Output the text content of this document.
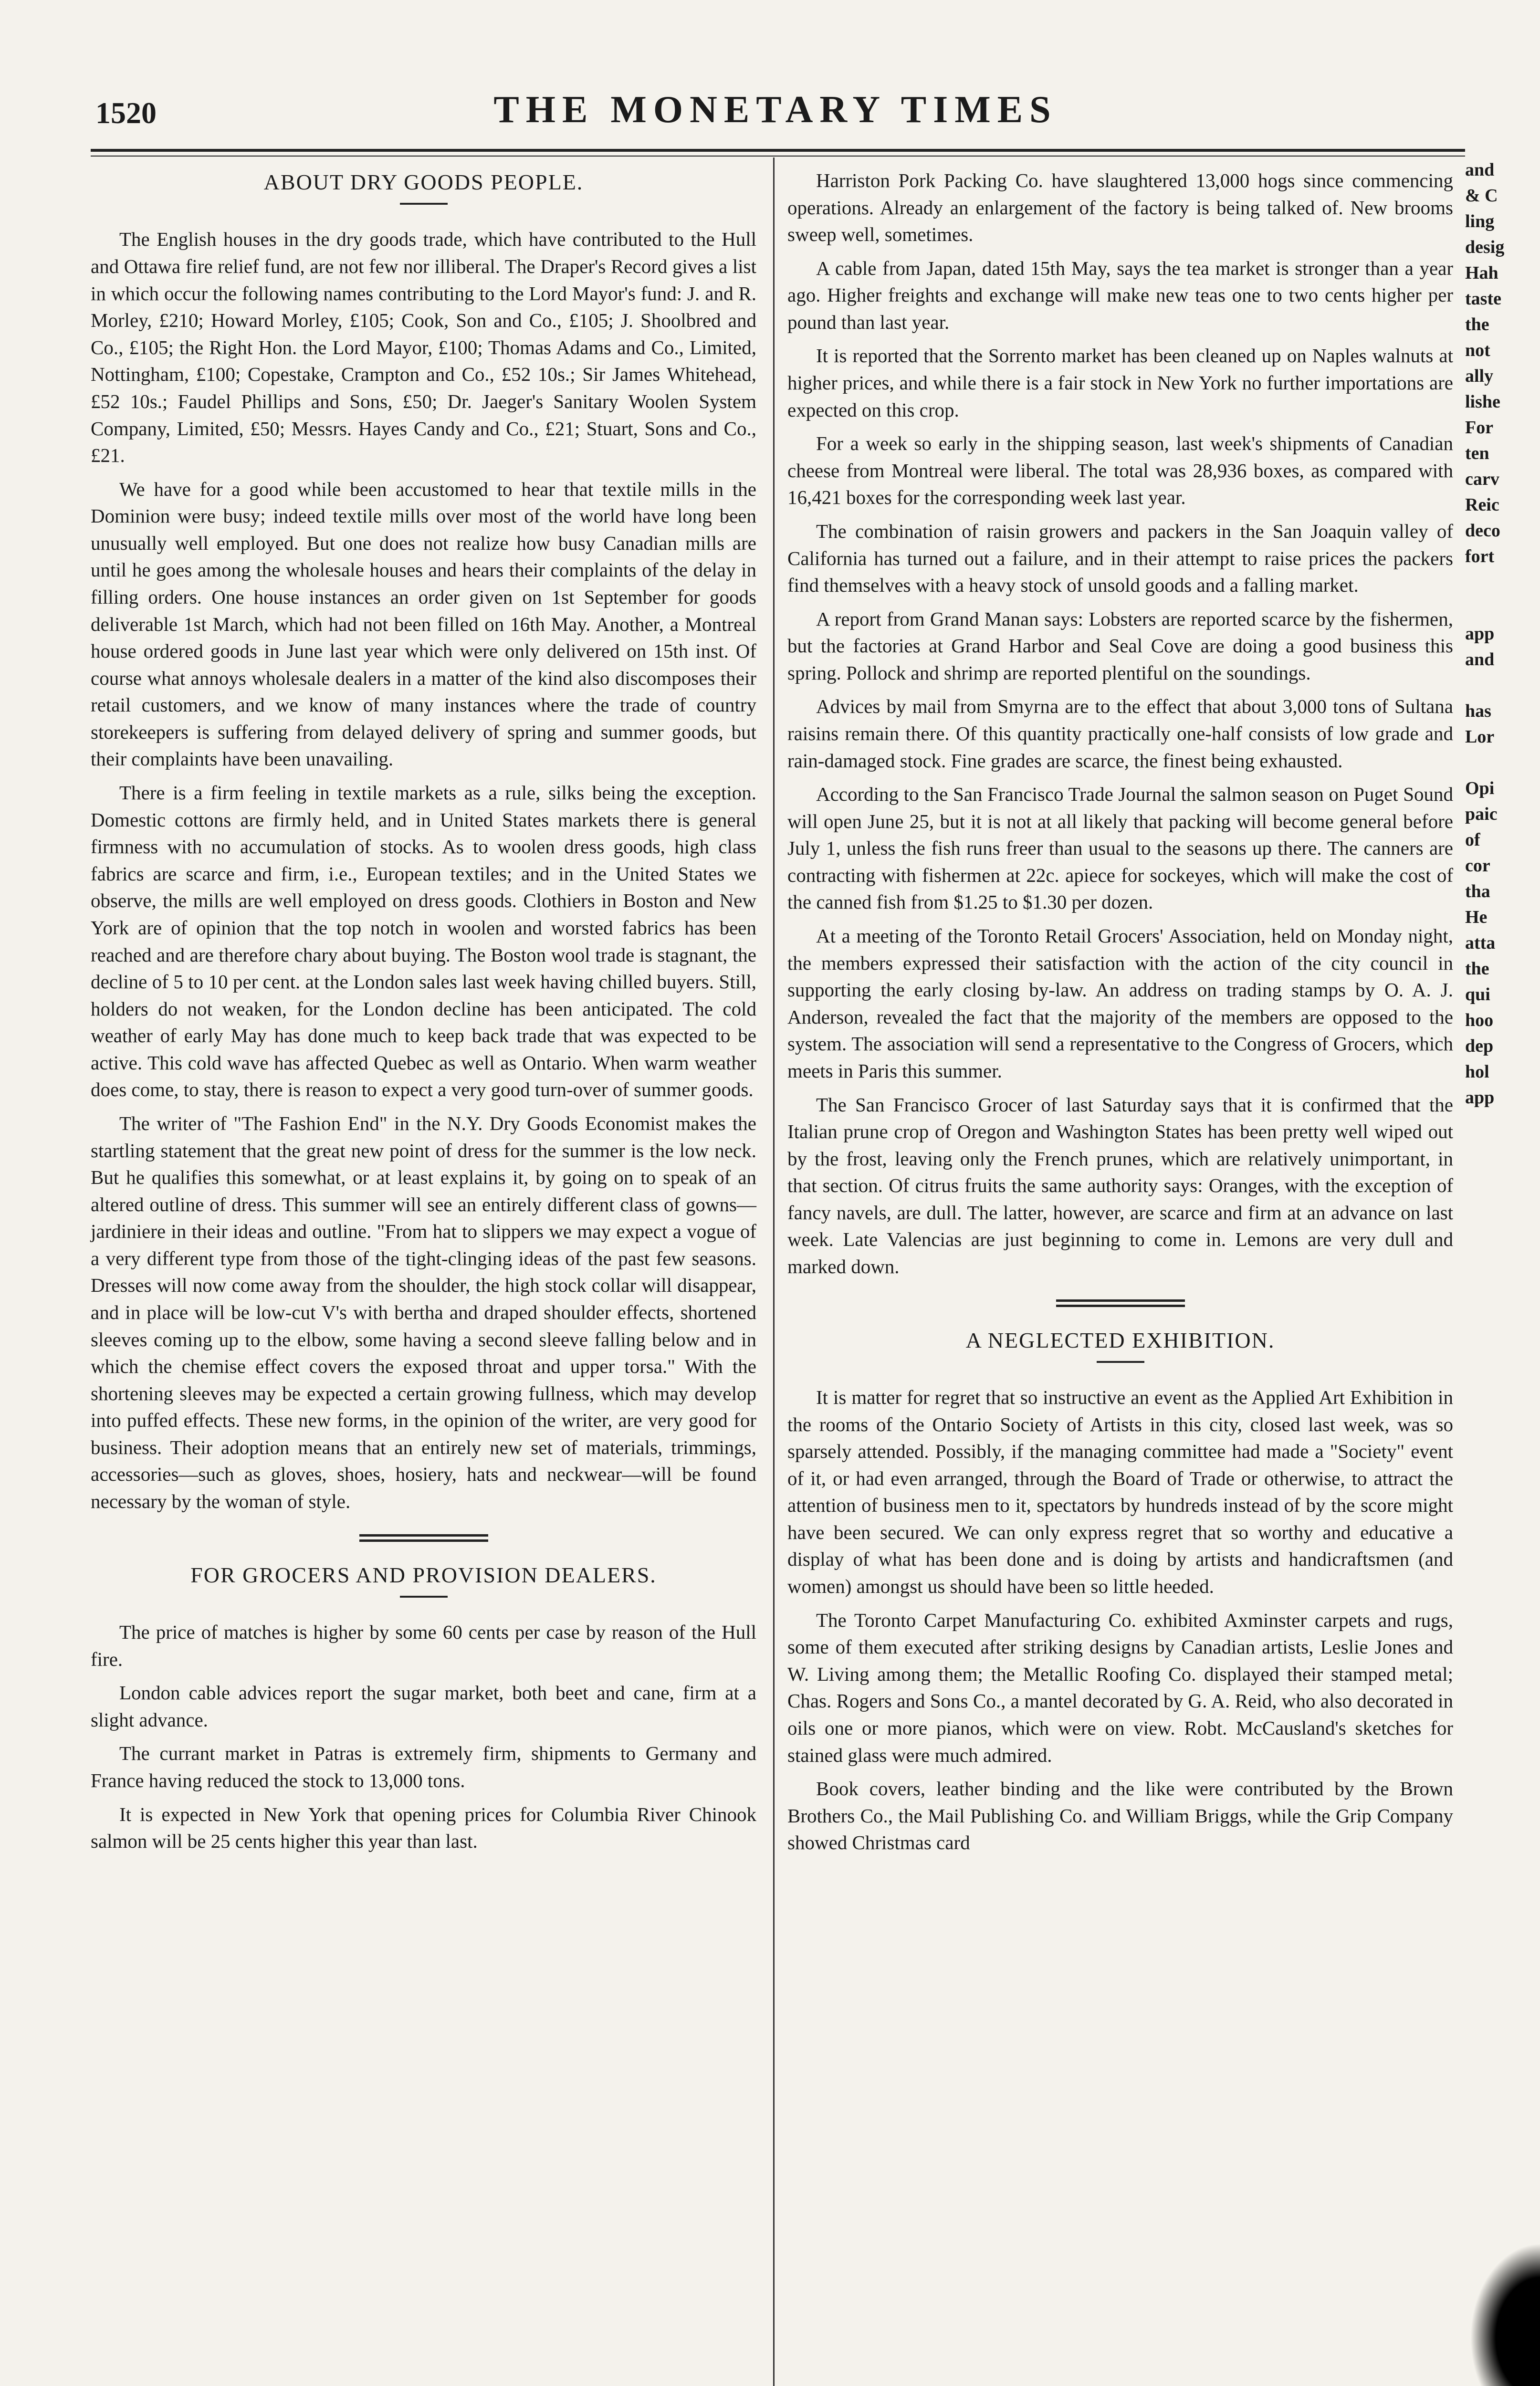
1520	THE MONETARY TIMES
ABOUT DRY GOODS PEOPLE.

The English houses in the dry goods trade, which have contributed to the Hull and Ottawa fire relief fund, are not few nor illiberal. The Draper's Record gives a list in which occur the following names contributing to the Lord Mayor's fund: J. and R. Morley, £210; Howard Morley, £105; Cook, Son and Co., £105; J. Shoolbred and Co., £105; the Right Hon. the Lord Mayor, £100; Thomas Adams and Co., Limited, Nottingham, £100; Copestake, Crampton and Co., £52 10s.; Sir James Whitehead, £52 10s.; Faudel Phillips and Sons, £50; Dr. Jaeger's Sanitary Woolen System Company, Limited, £50; Messrs. Hayes Candy and Co., £21; Stuart, Sons and Co., £21.

We have for a good while been accustomed to hear that textile mills in the Dominion were busy; indeed textile mills over most of the world have long been unusually well employed. But one does not realize how busy Canadian mills are until he goes among the wholesale houses and hears their complaints of the delay in filling orders. One house instances an order given on 1st September for goods deliverable 1st March, which had not been filled on 16th May. Another, a Montreal house ordered goods in June last year which were only delivered on 15th inst. Of course what annoys wholesale dealers in a matter of the kind also discomposes their retail customers, and we know of many instances where the trade of country storekeepers is suffering from delayed delivery of spring and summer goods, but their complaints have been unavailing.

There is a firm feeling in textile markets as a rule, silks being the exception. Domestic cottons are firmly held, and in United States markets there is general firmness with no accumulation of stocks. As to woolen dress goods, high class fabrics are scarce and firm, i.e., European textiles; and in the United States we observe, the mills are well employed on dress goods. Clothiers in Boston and New York are of opinion that the top notch in woolen and worsted fabrics has been reached and are therefore chary about buying. The Boston wool trade is stagnant, the decline of 5 to 10 per cent. at the London sales last week having chilled buyers. Still, holders do not weaken, for the London decline has been anticipated. The cold weather of early May has done much to keep back trade that was expected to be active. This cold wave has affected Quebec as well as Ontario. When warm weather does come, to stay, there is reason to expect a very good turn-over of summer goods.

The writer of "The Fashion End" in the N.Y. Dry Goods Economist makes the startling statement that the great new point of dress for the summer is the low neck. But he qualifies this somewhat, or at least explains it, by going on to speak of an altered outline of dress. This summer will see an entirely different class of gowns—jardiniere in their ideas and outline. "From hat to slippers we may expect a vogue of a very different type from those of the tight-clinging ideas of the past few seasons. Dresses will now come away from the shoulder, the high stock collar will disappear, and in place will be low-cut V's with bertha and draped shoulder effects, shortened sleeves coming up to the elbow, some having a second sleeve falling below and in which the chemise effect covers the exposed throat and upper torsa." With the shortening sleeves may be expected a certain growing fullness, which may develop into puffed effects. These new forms, in the opinion of the writer, are very good for business. Their adoption means that an entirely new set of materials, trimmings, accessories—such as gloves, shoes, hosiery, hats and neckwear—will be found necessary by the woman of style.

FOR GROCERS AND PROVISION DEALERS.

The price of matches is higher by some 60 cents per case by reason of the Hull fire.

London cable advices report the sugar market, both beet and cane, firm at a slight advance.

The currant market in Patras is extremely firm, shipments to Germany and France having reduced the stock to 13,000 tons.

It is expected in New York that opening prices for Columbia River Chinook salmon will be 25 cents higher this year than last.

Harriston Pork Packing Co. have slaughtered 13,000 hogs since commencing operations. Already an enlargement of the factory is being talked of. New brooms sweep well, sometimes.

A cable from Japan, dated 15th May, says the tea market is stronger than a year ago. Higher freights and exchange will make new teas one to two cents higher per pound than last year.

It is reported that the Sorrento market has been cleaned up on Naples walnuts at higher prices, and while there is a fair stock in New York no further importations are expected on this crop.

For a week so early in the shipping season, last week's shipments of Canadian cheese from Montreal were liberal. The total was 28,936 boxes, as compared with 16,421 boxes for the corresponding week last year.

The combination of raisin growers and packers in the San Joaquin valley of California has turned out a failure, and in their attempt to raise prices the packers find themselves with a heavy stock of unsold goods and a falling market.

A report from Grand Manan says: Lobsters are reported scarce by the fishermen, but the factories at Grand Harbor and Seal Cove are doing a good business this spring. Pollock and shrimp are reported plentiful on the soundings.

Advices by mail from Smyrna are to the effect that about 3,000 tons of Sultana raisins remain there. Of this quantity practically one-half consists of low grade and rain-damaged stock. Fine grades are scarce, the finest being exhausted.

According to the San Francisco Trade Journal the salmon season on Puget Sound will open June 25, but it is not at all likely that packing will become general before July 1, unless the fish runs freer than usual to the seasons up there. The canners are contracting with fishermen at 22c. apiece for sockeyes, which will make the cost of the canned fish from $1.25 to $1.30 per dozen.

At a meeting of the Toronto Retail Grocers' Association, held on Monday night, the members expressed their satisfaction with the action of the city council in supporting the early closing by-law. An address on trading stamps by O. A. J. Anderson, revealed the fact that the majority of the members are opposed to the system. The association will send a representative to the Congress of Grocers, which meets in Paris this summer.

The San Francisco Grocer of last Saturday says that it is confirmed that the Italian prune crop of Oregon and Washington States has been pretty well wiped out by the frost, leaving only the French prunes, which are relatively unimportant, in that section. Of citrus fruits the same authority says: Oranges, with the exception of fancy navels, are dull. The latter, however, are scarce and firm at an advance on last week. Late Valencias are just beginning to come in. Lemons are very dull and marked down.

A NEGLECTED EXHIBITION.

It is matter for regret that so instructive an event as the Applied Art Exhibition in the rooms of the Ontario Society of Artists in this city, closed last week, was so sparsely attended. Possibly, if the managing committee had made a "Society" event of it, or had even arranged, through the Board of Trade or otherwise, to attract the attention of business men to it, spectators by hundreds instead of by the score might have been secured. We can only express regret that so worthy and educative a display of what has been done and is doing by artists and handicraftsmen (and women) amongst us should have been so little heeded.

The Toronto Carpet Manufacturing Co. exhibited Axminster carpets and rugs, some of them executed after striking designs by Canadian artists, Leslie Jones and W. Living among them; the Metallic Roofing Co. displayed their stamped metal; Chas. Rogers and Sons Co., a mantel decorated by G. A. Reid, who also decorated in oils one or more pianos, which were on view. Robt. McCausland's sketches for stained glass were much admired.

Book covers, leather binding and the like were contributed by the Brown Brothers Co., the Mail Publishing Co. and William Briggs, while the Grip Company showed Christmas card

and
& C
ling
desig
Hah
taste
the
not
ally
lishe
For
ten
carv
Reic
deco
fort
app
and
has
Lor
Opi
paic
of
cor
tha
He
atta
the
qui
hoo
dep
hol
app
